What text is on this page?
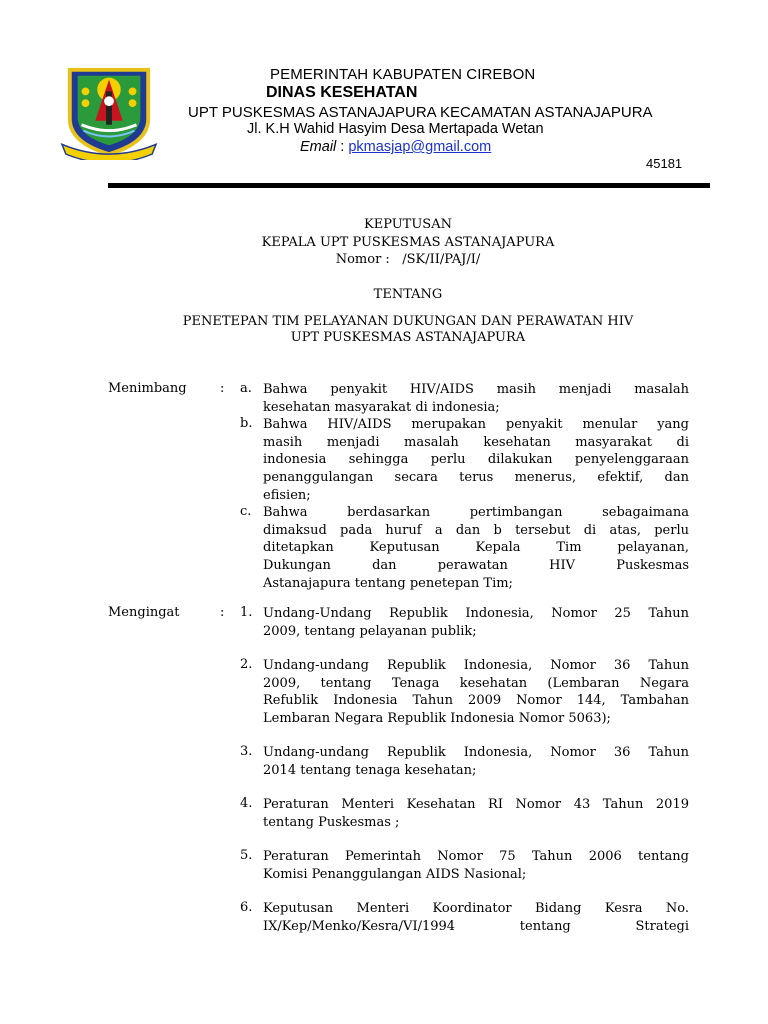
PEMERINTAH KABUPATEN CIREBON
DINAS KESEHATAN
UPT PUSKESMAS ASTANAJAPURA KECAMATAN ASTANAJAPURA
Jl. K.H Wahid Hasyim Desa Mertapada Wetan
Email : pkmasjap@gmail.com
45181
KEPUTUSAN
KEPALA UPT PUSKESMAS ASTANAJAPURA
Nomor :   /SK/II/PAJ/I/
TENTANG
PENETEPAN TIM PELAYANAN DUKUNGAN DAN PERAWATAN HIV
UPT PUSKESMAS ASTANAJAPURA
Menimbang	: a. Bahwa penyakit HIV/AIDS masih menjadi masalah
kesehatan masyarakat di indonesia;
b. Bahwa HIV/AIDS merupakan penyakit menular yang
masih menjadi masalah kesehatan masyarakat di
indonesia sehingga perlu dilakukan penyelenggaraan
penanggulangan secara terus menerus, efektif, dan
efisien;
c. Bahwa berdasarkan pertimbangan sebagaimana
dimaksud pada huruf a dan b tersebut di atas, perlu
ditetapkan Keputusan Kepala Tim pelayanan,
Dukungan dan perawatan HIV Puskesmas
Astanajapura tentang penetepan Tim;
Mengingat	: 1. Undang-Undang Republik Indonesia, Nomor 25 Tahun
2009, tentang pelayanan publik;
2. Undang-undang Republik Indonesia, Nomor 36 Tahun
2009, tentang Tenaga kesehatan (Lembaran Negara
Refublik Indonesia Tahun 2009 Nomor 144, Tambahan
Lembaran Negara Republik Indonesia Nomor 5063);
3. Undang-undang Republik Indonesia, Nomor 36 Tahun
2014 tentang tenaga kesehatan;
4. Peraturan Menteri Kesehatan RI Nomor 43 Tahun 2019
tentang Puskesmas ;
5. Peraturan Pemerintah Nomor 75 Tahun 2006 tentang
Komisi Penanggulangan AIDS Nasional;
6. Keputusan Menteri Koordinator Bidang Kesra No.
IX/Kep/Menko/Kesra/VI/1994 tentang Strategi
